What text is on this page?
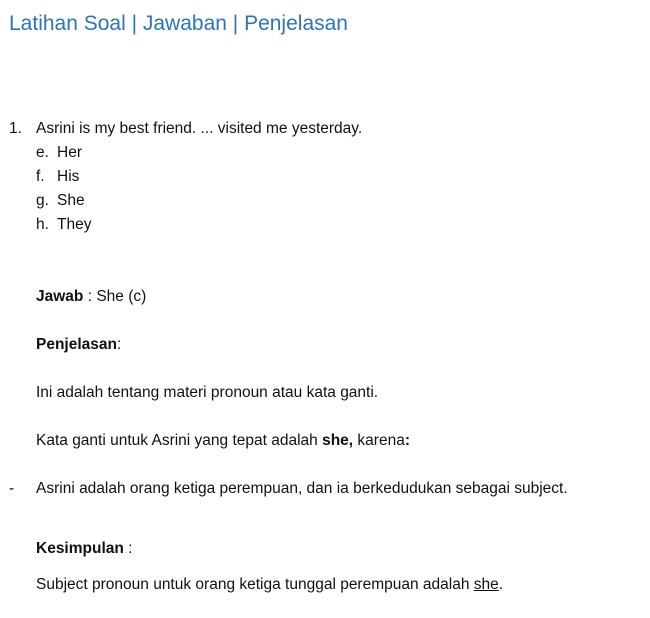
Latihan Soal | Jawaban | Penjelasan
1. Asrini is my best friend. ... visited me yesterday.
e. Her
f. His
g. She
h. They
Jawab : She (c)
Penjelasan:
Ini adalah tentang materi pronoun atau kata ganti.
Kata ganti untuk Asrini yang tepat adalah she, karena:
- Asrini adalah orang ketiga perempuan, dan ia berkedudukan sebagai subject.
Kesimpulan :
Subject pronoun untuk orang ketiga tunggal perempuan adalah she.
